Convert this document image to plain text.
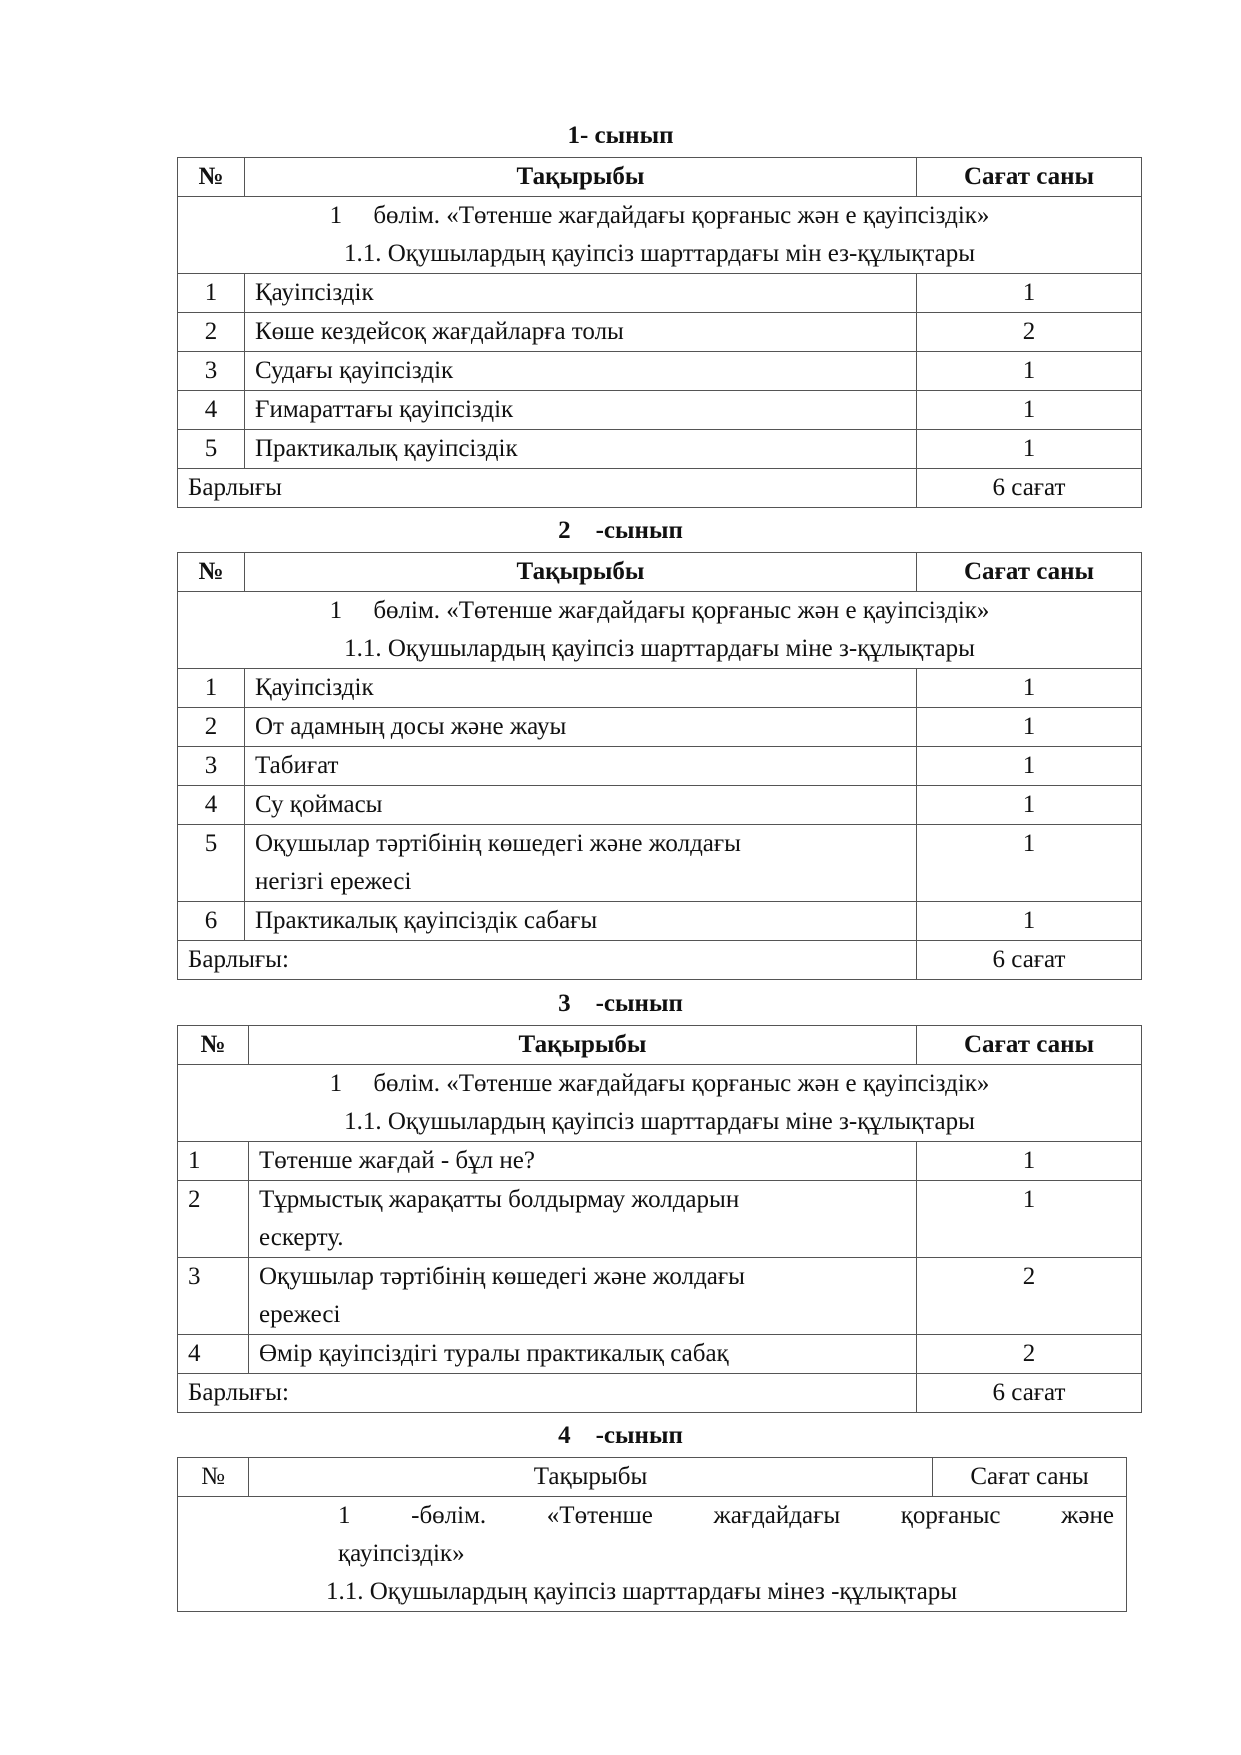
1- сынып
№	Тақырыбы	Сағат саны

1     бөлім. «Төтенше жағдайдағы қорғаныс жән е қауіпсіздік»
1.1. Оқушылардың қауіпсіз шарттардағы мін ез-құлықтары		

1	Қауіпсіздік	1
2	Көше кездейсоқ жағдайларға толы	2
3	Судағы қауіпсіздік	1
4	Ғимараттағы қауіпсіздік	1
5	Практикалық қауіпсіздік	1
Барлығы		6 сағат
2    -сынып
№	Тақырыбы	Сағат саны

1     бөлім. «Төтенше жағдайдағы қорғаныс жән е қауіпсіздік»
1.1. Оқушылардың қауіпсіз шарттардағы міне з-құлықтары		

1	Қауіпсіздік	1
2	От адамның досы және жауы	1
3	Табиғат	1
4	Су қоймасы	1
5	Оқушылар тәртібінің көшедегі және жолдағы негізгі ережесі	1
6	Практикалық қауіпсіздік сабағы	1
Барлығы:		6 сағат
3    -сынып
№	Тақырыбы	Сағат саны

1     бөлім. «Төтенше жағдайдағы қорғаныс жән е қауіпсіздік»
1.1. Оқушылардың қауіпсіз шарттардағы міне з-құлықтары		

1	Төтенше жағдай - бұл не?	1
2	Тұрмыстық жарақатты болдырмау жолдарын ескерту.	1
3	Оқушылар тәртібінің көшедегі және жолдағы ережесі	2
4	Өмір қауіпсіздігі туралы практикалық сабақ	2
Барлығы:		6 сағат
4    -сынып
№	Тақырыбы	Сағат саны

1 -бөлім. «Төтенше жағдайдағы қорғаныс және
қауіпсіздік»
1.1. Оқушылардың қауіпсіз шарттардағы мінез -құлықтары
